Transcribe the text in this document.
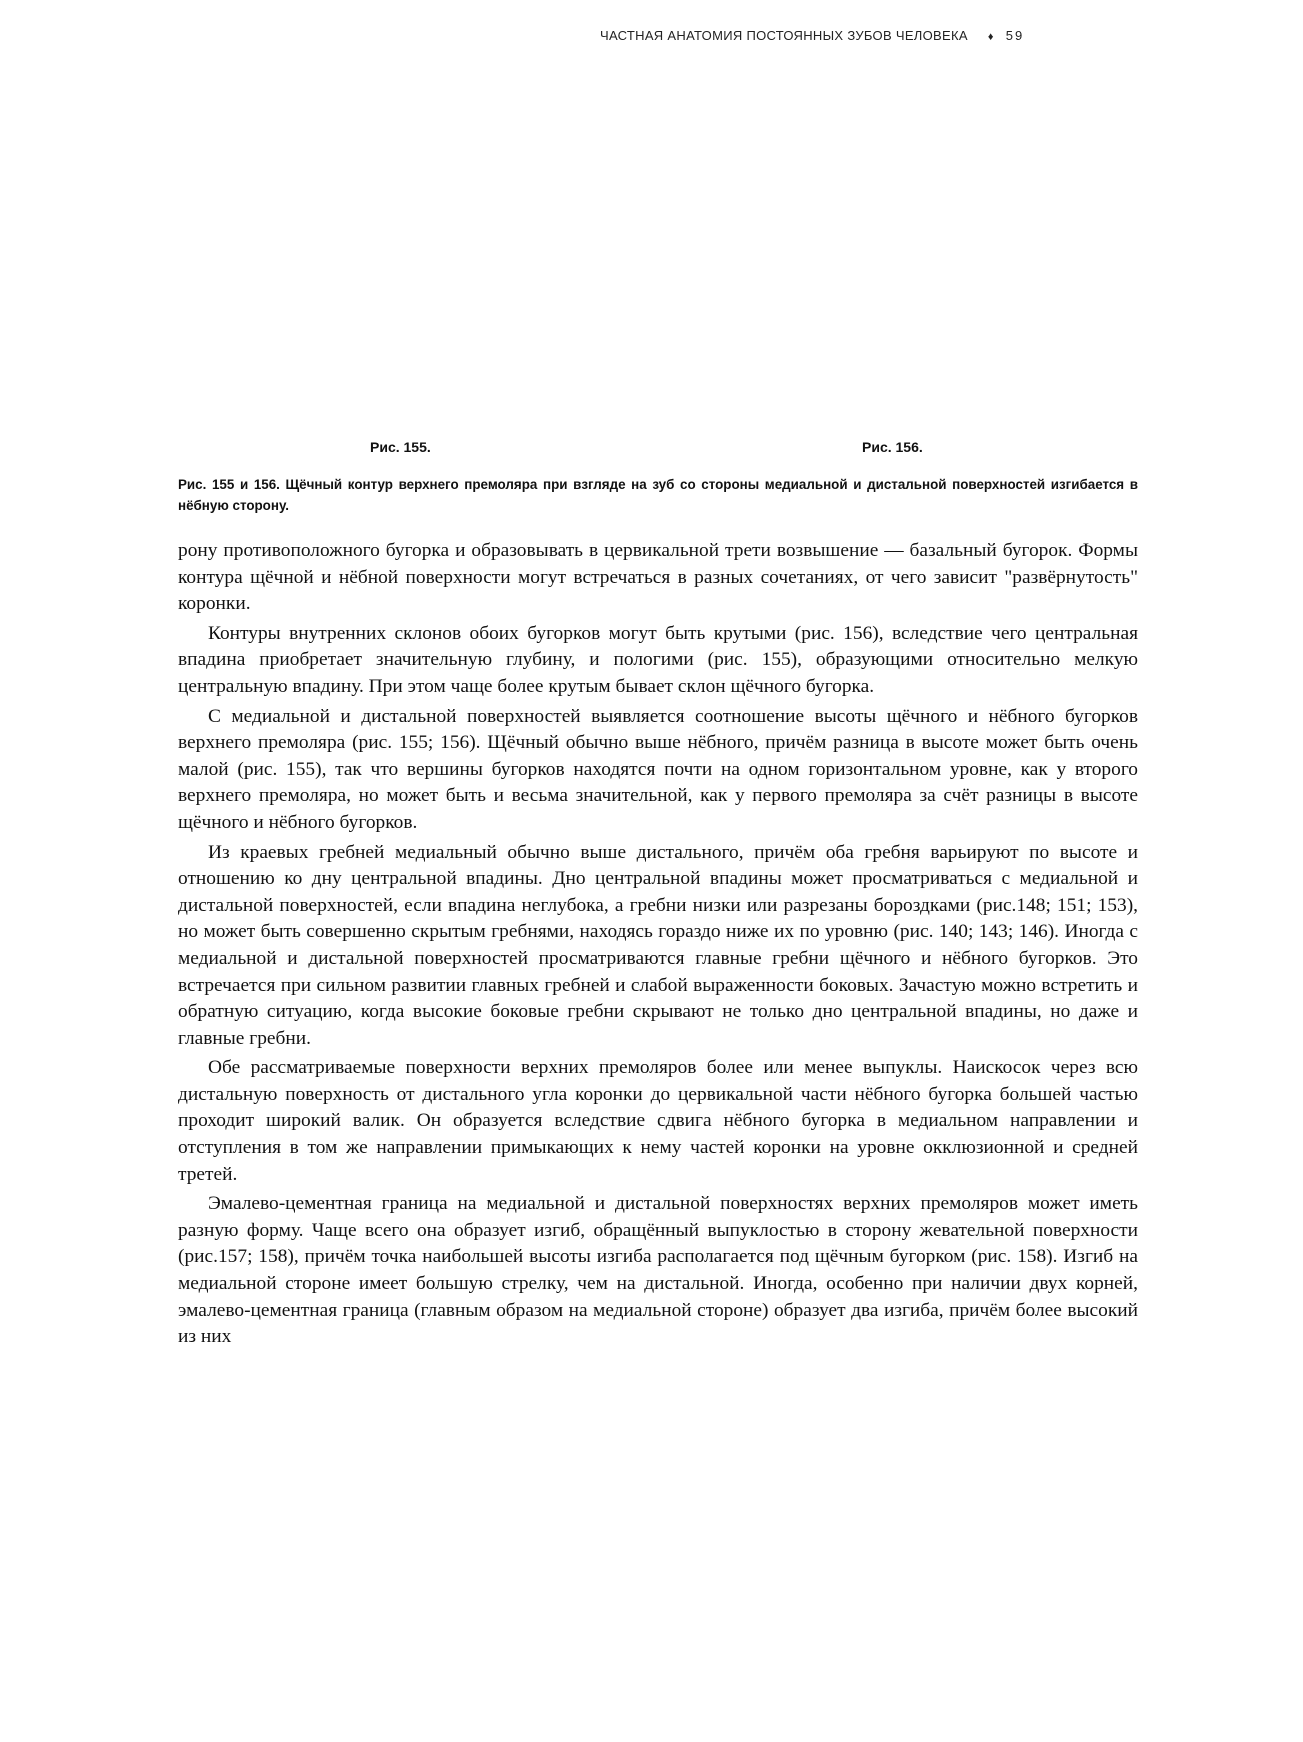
ЧАСТНАЯ АНАТОМИЯ ПОСТОЯННЫХ ЗУБОВ ЧЕЛОВЕКА ♦ 59
Рис. 155.	Рис. 156.
Рис. 155 и 156. Щёчный контур верхнего премоляра при взгляде на зуб со стороны медиальной и дистальной поверхностей изгибается в нёбную сторону.

рону противоположного бугорка и образовывать в цервикальной трети возвышение — базальный бугорок. Формы контура щёчной и нёбной поверхности могут встречаться в разных сочетаниях, от чего зависит "развёрнутость" коронки.

Контуры внутренних склонов обоих бугорков могут быть крутыми (рис. 156), вследствие чего центральная впадина приобретает значительную глубину, и пологими (рис. 155), образующими относительно мелкую центральную впадину. При этом чаще более крутым бывает склон щёчного бугорка.

С медиальной и дистальной поверхностей выявляется соотношение высоты щёчного и нёбного бугорков верхнего премоляра (рис. 155; 156). Щёчный обычно выше нёбного, причём разница в высоте может быть очень малой (рис. 155), так что вершины бугорков находятся почти на одном горизонтальном уровне, как у второго верхнего премоляра, но может быть и весьма значительной, как у первого премоляра за счёт разницы в высоте щёчного и нёбного бугорков.

Из краевых гребней медиальный обычно выше дистального, причём оба гребня варьируют по высоте и отношению ко дну центральной впадины. Дно центральной впадины может просматриваться с медиальной и дистальной поверхностей, если впадина неглубока, а гребни низки или разрезаны бороздками (рис.148; 151; 153), но может быть совершенно скрытым гребнями, находясь гораздо ниже их по уровню (рис. 140; 143; 146). Иногда с медиальной и дистальной поверхностей просматриваются главные гребни щёчного и нёбного бугорков. Это встречается при сильном развитии главных гребней и слабой выраженности боковых. Зачастую можно встретить и обратную ситуацию, когда высокие боковые гребни скрывают не только дно центральной впадины, но даже и главные гребни.

Обе рассматриваемые поверхности верхних премоляров более или менее выпуклы. Наискосок через всю дистальную поверхность от дистального угла коронки до цервикальной части нёбного бугорка большей частью проходит широкий валик. Он образуется вследствие сдвига нёбного бугорка в медиальном направлении и отступления в том же направлении примыкающих к нему частей коронки на уровне окклюзионной и средней третей.

Эмалево-цементная граница на медиальной и дистальной поверхностях верхних премоляров может иметь разную форму. Чаще всего она образует изгиб, обращённый выпуклостью в сторону жевательной поверхности (рис.157; 158), причём точка наибольшей высоты изгиба располагается под щёчным бугорком (рис. 158). Изгиб на медиальной стороне имеет большую стрелку, чем на дистальной. Иногда, особенно при наличии двух корней, эмалево-цементная граница (главным образом на медиальной стороне) образует два изгиба, причём более высокий из них
